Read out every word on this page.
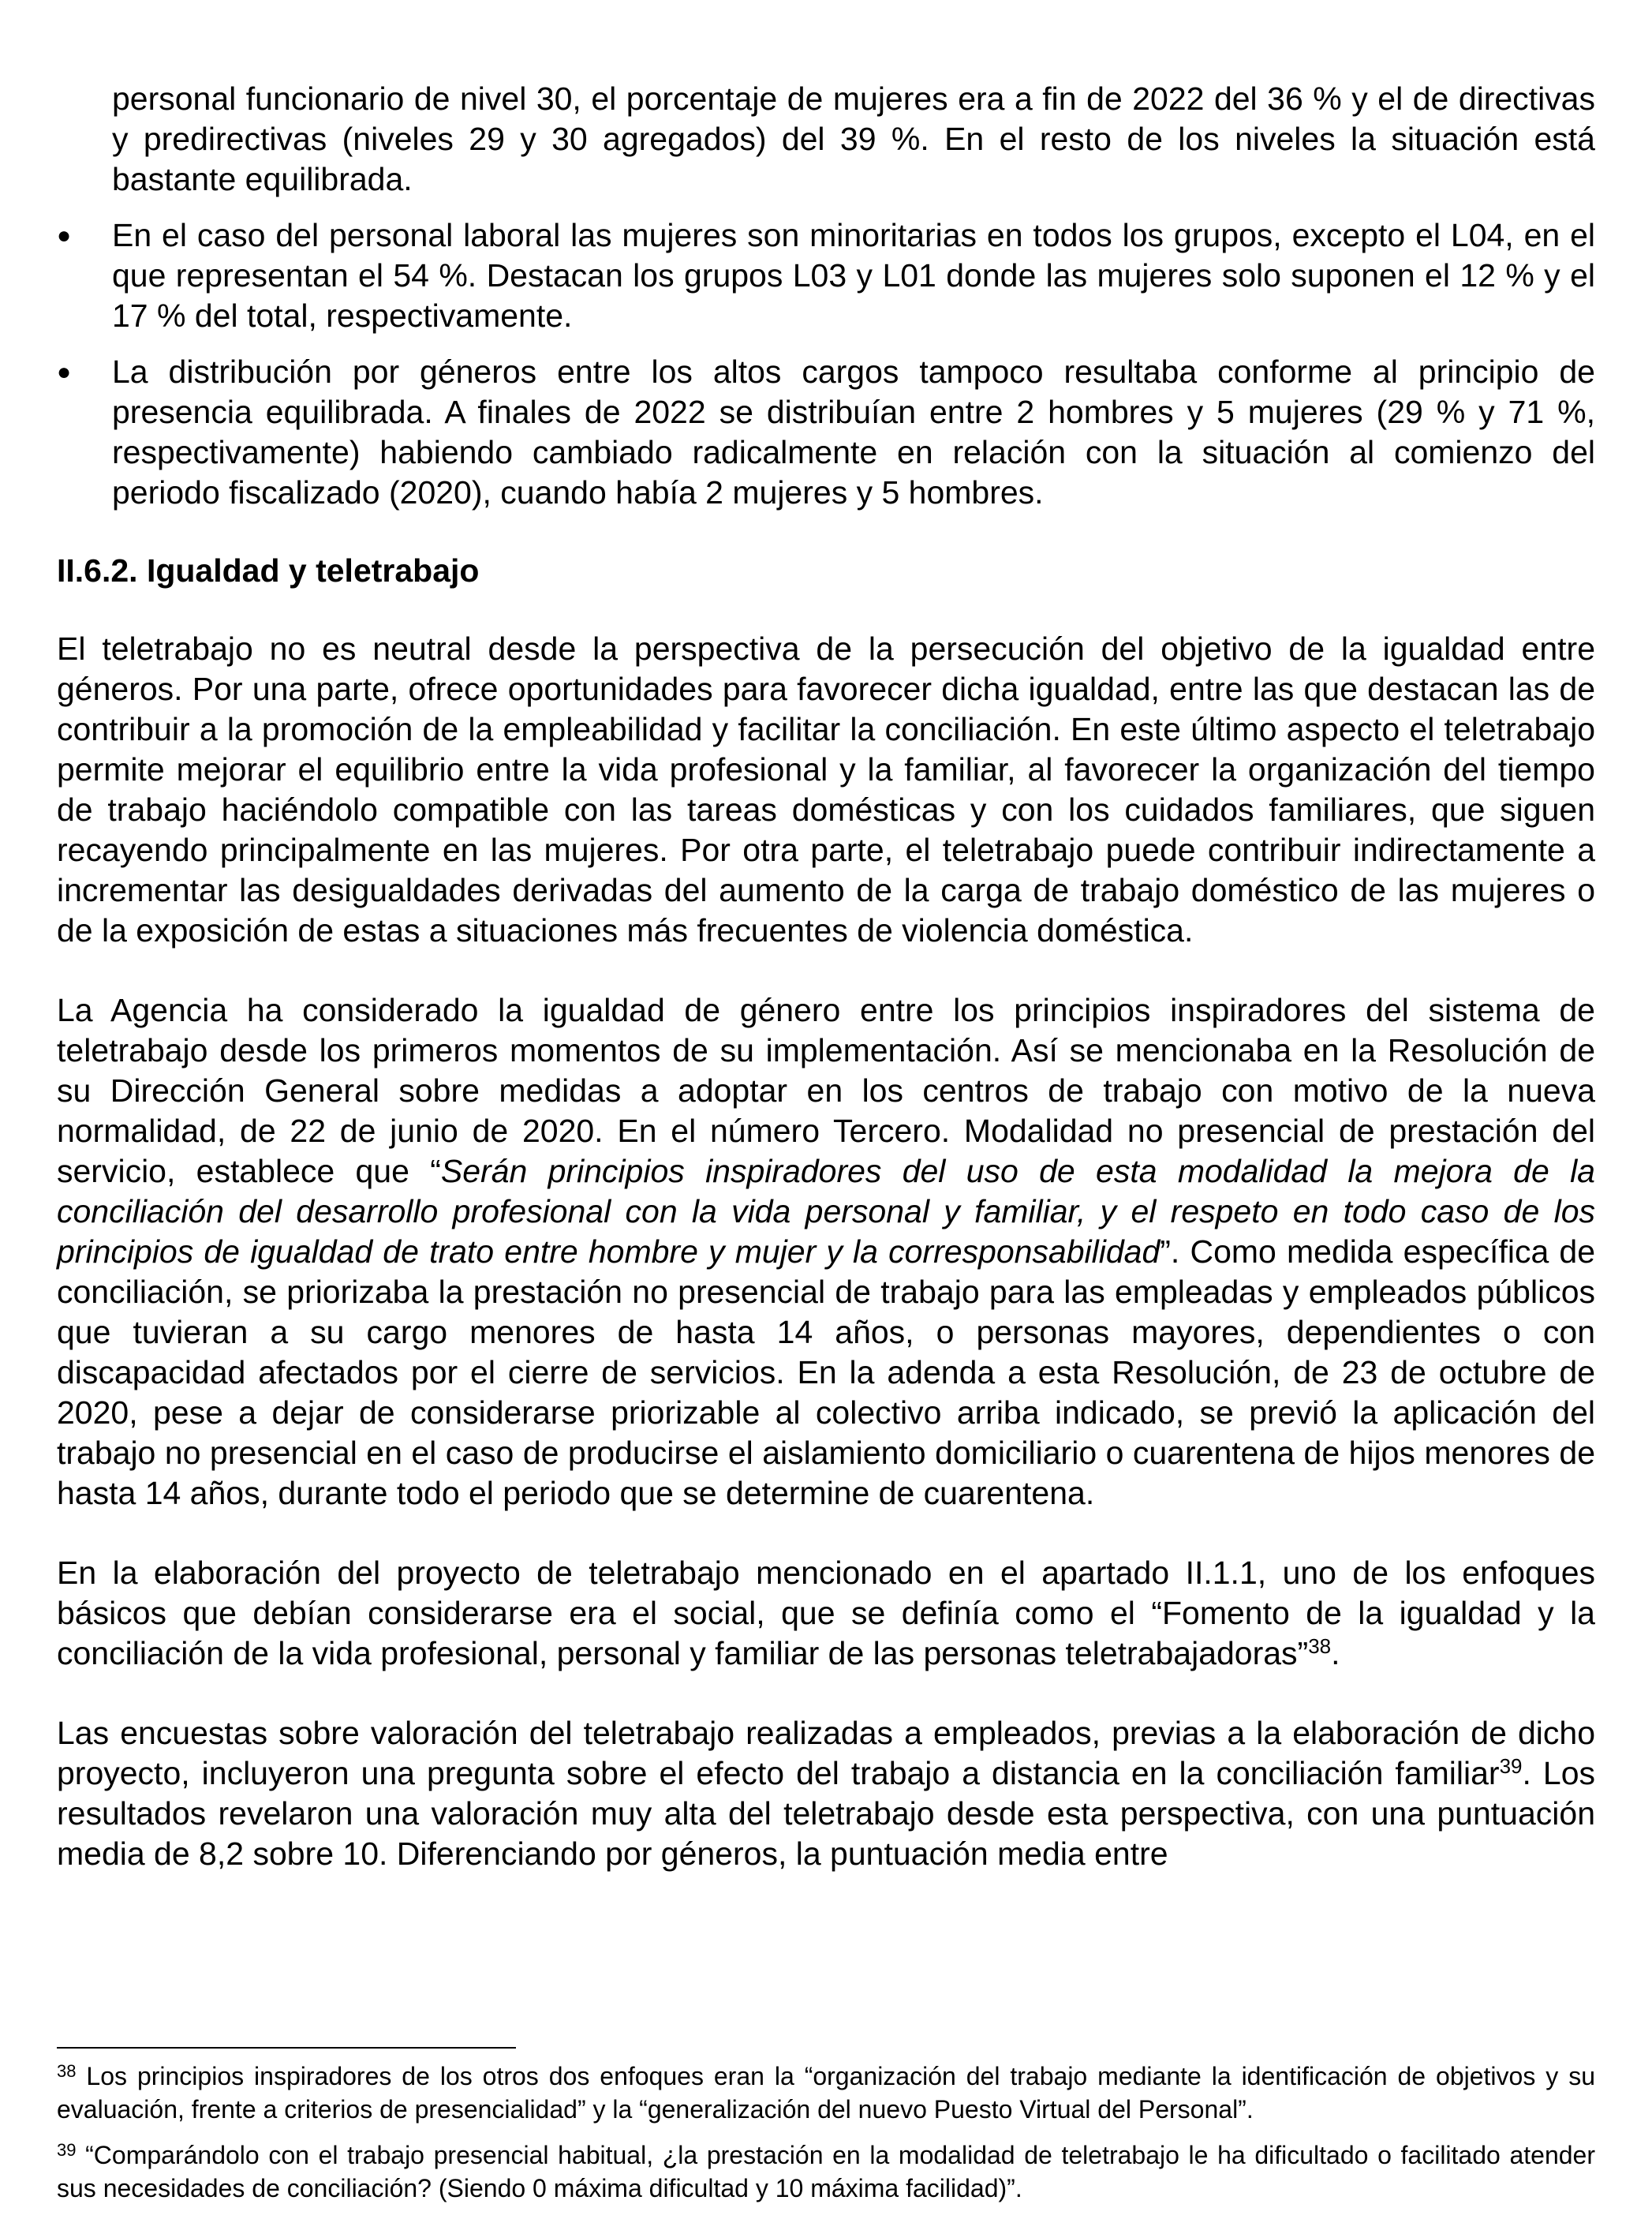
personal funcionario de nivel 30, el porcentaje de mujeres era a fin de 2022 del 36 % y el de directivas y predirectivas (niveles 29 y 30 agregados) del 39 %. En el resto de los niveles la situación está bastante equilibrada.

●	En el caso del personal laboral las mujeres son minoritarias en todos los grupos, excepto el L04, en el que representan el 54 %. Destacan los grupos L03 y L01 donde las mujeres solo suponen el 12 % y el 17 % del total, respectivamente.

●	La distribución por géneros entre los altos cargos tampoco resultaba conforme al principio de presencia equilibrada. A finales de 2022 se distribuían entre 2 hombres y 5 mujeres (29 % y 71 %, respectivamente) habiendo cambiado radicalmente en relación con la situación al comienzo del periodo fiscalizado (2020), cuando había 2 mujeres y 5 hombres.

II.6.2. Igualdad y teletrabajo

El teletrabajo no es neutral desde la perspectiva de la persecución del objetivo de la igualdad entre géneros. Por una parte, ofrece oportunidades para favorecer dicha igualdad, entre las que destacan las de contribuir a la promoción de la empleabilidad y facilitar la conciliación. En este último aspecto el teletrabajo permite mejorar el equilibrio entre la vida profesional y la familiar, al favorecer la organización del tiempo de trabajo haciéndolo compatible con las tareas domésticas y con los cuidados familiares, que siguen recayendo principalmente en las mujeres. Por otra parte, el teletrabajo puede contribuir indirectamente a incrementar las desigualdades derivadas del aumento de la carga de trabajo doméstico de las mujeres o de la exposición de estas a situaciones más frecuentes de violencia doméstica.

La Agencia ha considerado la igualdad de género entre los principios inspiradores del sistema de teletrabajo desde los primeros momentos de su implementación. Así se mencionaba en la Resolución de su Dirección General sobre medidas a adoptar en los centros de trabajo con motivo de la nueva normalidad, de 22 de junio de 2020. En el número Tercero. Modalidad no presencial de prestación del servicio, establece que “Serán principios inspiradores del uso de esta modalidad la mejora de la conciliación del desarrollo profesional con la vida personal y familiar, y el respeto en todo caso de los principios de igualdad de trato entre hombre y mujer y la corresponsabilidad”. Como medida específica de conciliación, se priorizaba la prestación no presencial de trabajo para las empleadas y empleados públicos que tuvieran a su cargo menores de hasta 14 años, o personas mayores, dependientes o con discapacidad afectados por el cierre de servicios. En la adenda a esta Resolución, de 23 de octubre de 2020, pese a dejar de considerarse priorizable al colectivo arriba indicado, se previó la aplicación del trabajo no presencial en el caso de producirse el aislamiento domiciliario o cuarentena de hijos menores de hasta 14 años, durante todo el periodo que se determine de cuarentena.

En la elaboración del proyecto de teletrabajo mencionado en el apartado II.1.1, uno de los enfoques básicos que debían considerarse era el social, que se definía como el “Fomento de la igualdad y la conciliación de la vida profesional, personal y familiar de las personas teletrabajadoras”$^{38}$.

Las encuestas sobre valoración del teletrabajo realizadas a empleados, previas a la elaboración de dicho proyecto, incluyeron una pregunta sobre el efecto del trabajo a distancia en la conciliación familiar$^{39}$. Los resultados revelaron una valoración muy alta del teletrabajo desde esta perspectiva, con una puntuación media de 8,2 sobre 10. Diferenciando por géneros, la puntuación media entre

$^{38}$ Los principios inspiradores de los otros dos enfoques eran la “organización del trabajo mediante la identificación de objetivos y su evaluación, frente a criterios de presencialidad” y la “generalización del nuevo Puesto Virtual del Personal”.

$^{39}$ “Comparándolo con el trabajo presencial habitual, ¿la prestación en la modalidad de teletrabajo le ha dificultado o facilitado atender sus necesidades de conciliación? (Siendo 0 máxima dificultad y 10 máxima facilidad)”.
